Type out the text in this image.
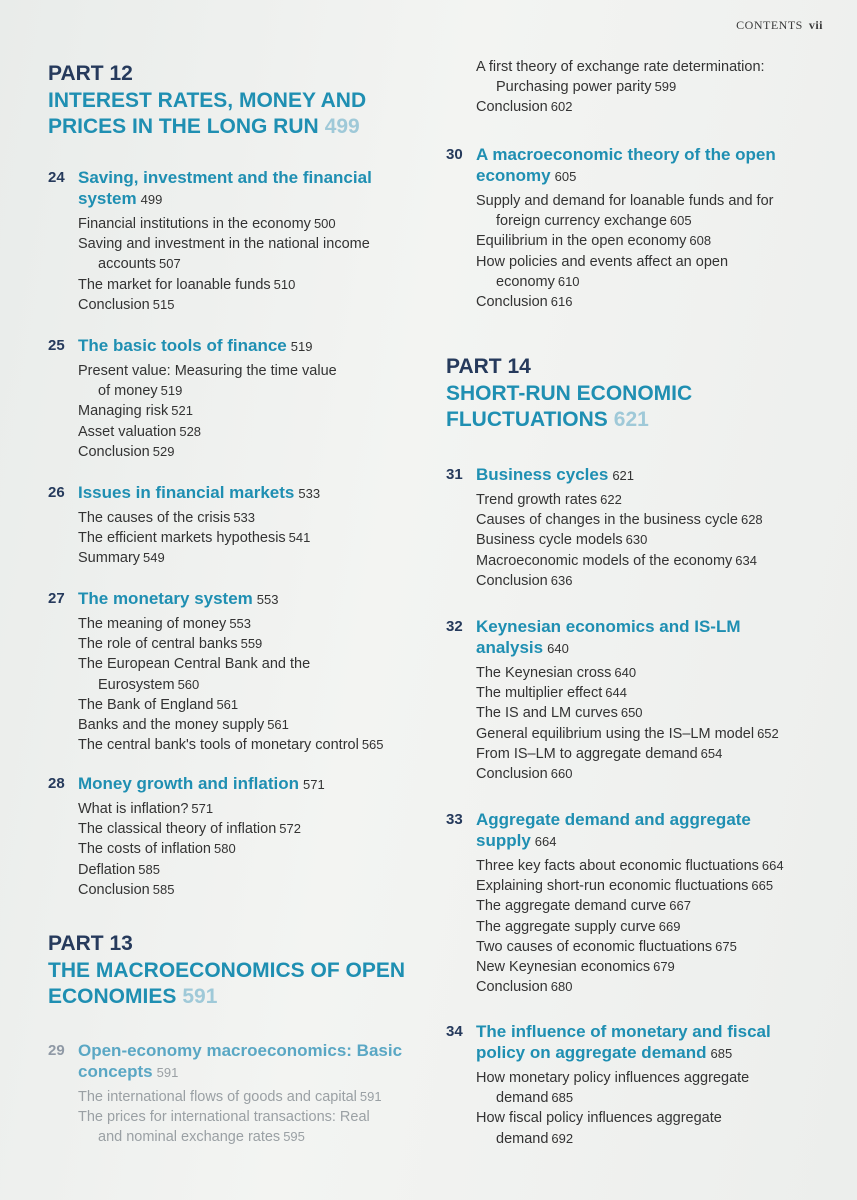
CONTENTS vii
PART 12
INTEREST RATES, MONEY AND
PRICES IN THE LONG RUN 499
24 Saving, investment and the financial
system 499
Financial institutions in the economy 500
Saving and investment in the national income
accounts 507
The market for loanable funds 510
Conclusion 515
25 The basic tools of finance 519
Present value: Measuring the time value
of money 519
Managing risk 521
Asset valuation 528
Conclusion 529
26 Issues in financial markets 533
The causes of the crisis 533
The efficient markets hypothesis 541
Summary 549
27 The monetary system 553
The meaning of money 553
The role of central banks 559
The European Central Bank and the
Eurosystem 560
The Bank of England 561
Banks and the money supply 561
The central bank's tools of monetary control 565
28 Money growth and inflation 571
What is inflation? 571
The classical theory of inflation 572
The costs of inflation 580
Deflation 585
Conclusion 585
PART 13
THE MACROECONOMICS OF OPEN
ECONOMIES 591
29 Open-economy macroeconomics: Basic
concepts 591
The international flows of goods and capital 591
The prices for international transactions: Real
and nominal exchange rates 595
A first theory of exchange rate determination:
Purchasing power parity 599
Conclusion 602
30 A macroeconomic theory of the open
economy 605
Supply and demand for loanable funds and for
foreign currency exchange 605
Equilibrium in the open economy 608
How policies and events affect an open
economy 610
Conclusion 616
PART 14
SHORT-RUN ECONOMIC
FLUCTUATIONS 621
31 Business cycles 621
Trend growth rates 622
Causes of changes in the business cycle 628
Business cycle models 630
Macroeconomic models of the economy 634
Conclusion 636
32 Keynesian economics and IS-LM
analysis 640
The Keynesian cross 640
The multiplier effect 644
The IS and LM curves 650
General equilibrium using the IS–LM model 652
From IS–LM to aggregate demand 654
Conclusion 660
33 Aggregate demand and aggregate
supply 664
Three key facts about economic fluctuations 664
Explaining short-run economic fluctuations 665
The aggregate demand curve 667
The aggregate supply curve 669
Two causes of economic fluctuations 675
New Keynesian economics 679
Conclusion 680
34 The influence of monetary and fiscal
policy on aggregate demand 685
How monetary policy influences aggregate
demand 685
How fiscal policy influences aggregate
demand 692
